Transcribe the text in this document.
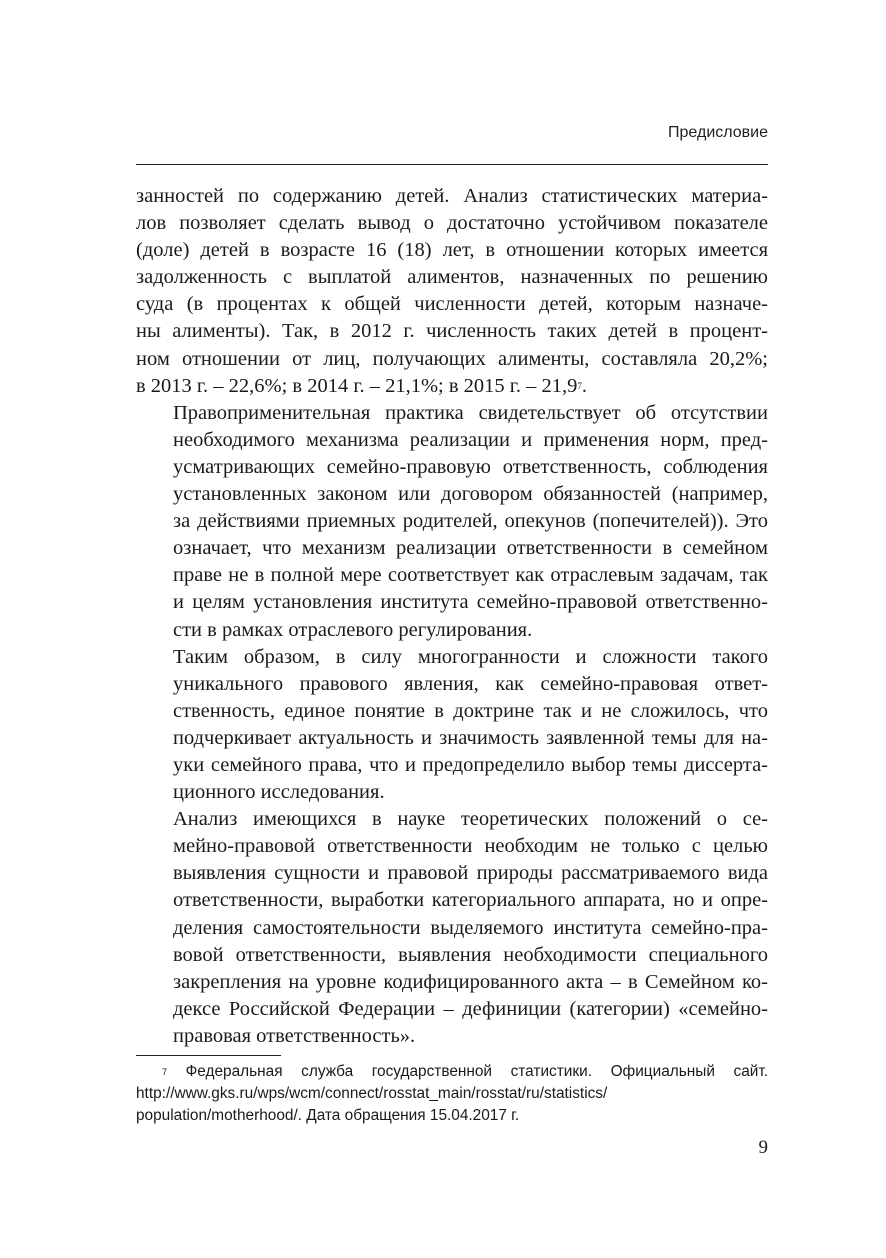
Предисловие

занностей по содержанию детей. Анализ статистических материа-
лов позволяет сделать вывод о достаточно устойчивом показателе
(доле) детей в возрасте 16 (18) лет, в отношении которых имеется
задолженность с выплатой алиментов, назначенных по решению
суда (в процентах к общей численности детей, которым назначе-
ны алименты). Так, в 2012 г. численность таких детей в процент-
ном отношении от лиц, получающих алименты, составляла 20,2%;
в 2013 г. – 22,6%; в 2014 г. – 21,1%; в 2015 г. – 21,9$^7$.

Правоприменительная практика свидетельствует об отсутствии
необходимого механизма реализации и применения норм, пред-
усматривающих семейно-правовую ответственность, соблюдения
установленных законом или договором обязанностей (например,
за действиями приемных родителей, опекунов (попечителей)). Это
означает, что механизм реализации ответственности в семейном
праве не в полной мере соответствует как отраслевым задачам, так
и целям установления института семейно-правовой ответственно-
сти в рамках отраслевого регулирования.

Таким образом, в силу многогранности и сложности такого
уникального правового явления, как семейно-правовая ответ-
ственность, единое понятие в доктрине так и не сложилось, что
подчеркивает актуальность и значимость заявленной темы для на-
уки семейного права, что и предопределило выбор темы диссерта-
ционного исследования.

Анализ имеющихся в науке теоретических положений о се-
мейно-правовой ответственности необходим не только с целью
выявления сущности и правовой природы рассматриваемого вида
ответственности, выработки категориального аппарата, но и опре-
деления самостоятельности выделяемого института семейно-пра-
вовой ответственности, выявления необходимости специального
закрепления на уровне кодифицированного акта – в Семейном ко-
дексе Российской Федерации – дефиниции (категории) «семейно-
правовая ответственность».

$^7$ Федеральная служба государственной статистики. Официальный сайт.
http://www.gks.ru/wps/wcm/connect/rosstat_main/rosstat/ru/statistics/
population/motherhood/. Дата обращения 15.04.2017 г.
9
